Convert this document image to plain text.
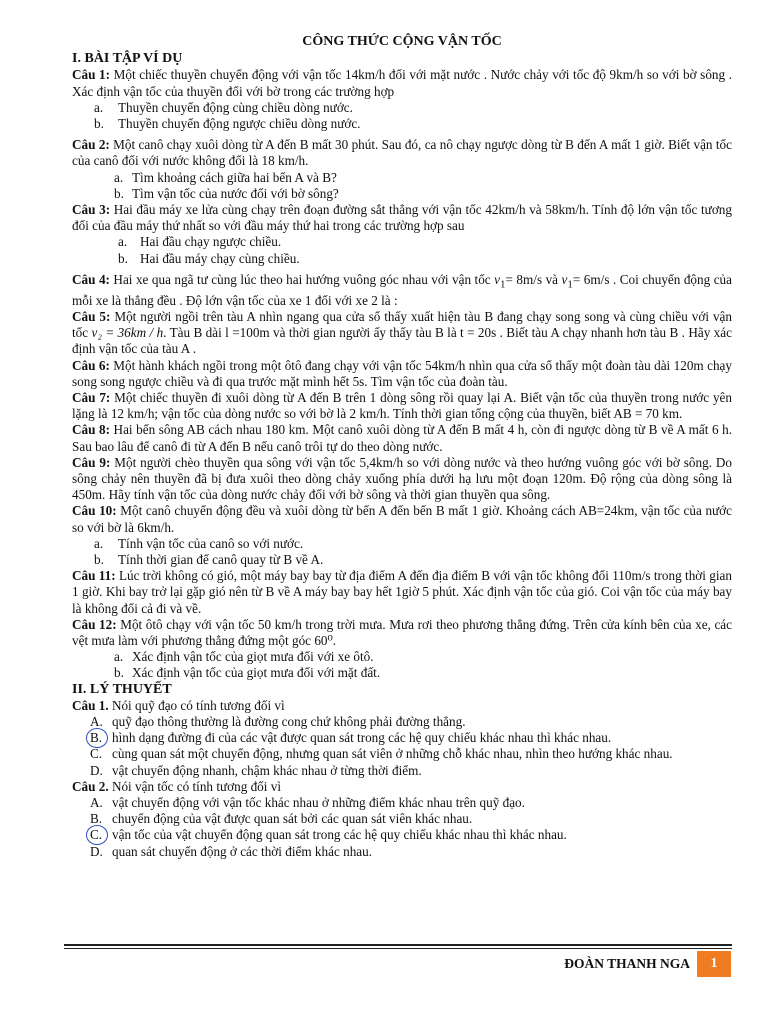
CÔNG THỨC CỘNG VẬN TỐC
I. BÀI TẬP VÍ DỤ

Câu 1: Một chiếc thuyền chuyển động với vận tốc 14km/h đối với mặt nước . Nước chảy với tốc độ 9km/h so với bờ sông . Xác định vận tốc của thuyền đối với bờ trong các trường hợp

a. Thuyền chuyển động cùng chiều dòng nước.
b. Thuyền chuyển động ngược chiều dòng nước.

Câu 2: Một canô chạy xuôi dòng từ A đến B mất 30 phút. Sau đó, ca nô chạy ngược dòng từ B đến A mất 1 giờ. Biết vận tốc của canô đối với nước không đổi là 18 km/h.

a. Tìm khoảng cách giữa hai bến A và B?
b. Tìm vận tốc của nước đối với bờ sông?

Câu 3: Hai đầu máy xe lửa cùng chạy trên đoạn đường sắt thẳng với vận tốc 42km/h và 58km/h. Tính độ lớn vận tốc tương đối của đầu máy thứ nhất so với đầu máy thứ hai trong các trường hợp sau

a. Hai đầu chạy ngược chiều.
b. Hai đầu máy chạy cùng chiều.

Câu 4: Hai xe qua ngã tư cùng lúc theo hai hướng vuông góc nhau với vận tốc $v_1= 8m/s$ và $v_1= 6m/s$ . Coi chuyển động của mỗi xe là thẳng đều . Độ lớn vận tốc của xe 1 đối với xe 2 là :

Câu 5: Một người ngồi trên tàu A nhìn ngang qua cửa sổ thấy xuất hiện tàu B đang chạy song song và cùng chiều với vận tốc v₂ = 36km / h. Tàu B dài l =100m và thời gian người ấy thấy tàu B là t = 20s . Biết tàu A chạy nhanh hơn tàu B . Hãy xác định vận tốc của tàu A .

Câu 6: Một hành khách ngồi trong một ôtô đang chạy với vận tốc 54km/h nhìn qua cửa sổ thấy một đoàn tàu dài 120m chạy song song ngược chiều và đi qua trước mặt mình hết 5s. Tìm vận tốc của đoàn tàu.

Câu 7: Một chiếc thuyền đi xuôi dòng từ A đến B trên 1 dòng sông rồi quay lại A. Biết vận tốc của thuyền trong nước yên lặng là 12 km/h; vận tốc của dòng nước so với bờ là 2 km/h. Tính thời gian tổng cộng của thuyền, biết AB = 70 km.

Câu 8: Hai bến sông AB cách nhau 180 km. Một canô xuôi dòng từ A đến B mất 4 h, còn đi ngược dòng từ B về A mất 6 h. Sau bao lâu để canô đi từ A đến B nếu canô trôi tự do theo dòng nước.

Câu 9: Một người chèo thuyền qua sông với vận tốc 5,4km/h so với dòng nước và theo hướng vuông góc với bờ sông. Do sông chảy nên thuyền đã bị đưa xuôi theo dòng chảy xuống phía dưới hạ lưu một đoạn 120m. Độ rộng của dòng sông là 450m. Hãy tính vận tốc của dòng nước chảy đối với bờ sông và thời gian thuyền qua sông.

Câu 10: Một canô chuyển động đều và xuôi dòng từ bến A đến bến B mất 1 giờ. Khoảng cách AB=24km, vận tốc của nước so với bờ là 6km/h.

a. Tính vận tốc của canô so với nước.
b. Tính thời gian để canô quay từ B về A.

Câu 11: Lúc trời không có gió, một máy bay bay từ địa điểm A đến địa điểm B với vận tốc không đổi 110m/s trong thời gian 1 giờ. Khi bay trở lại gặp gió nên từ B về A máy bay bay hết 1giờ 5 phút. Xác định vận tốc của gió. Coi vận tốc của máy bay là không đổi cả đi và về.

Câu 12: Một ôtô chạy với vận tốc 50 km/h trong trời mưa. Mưa rơi theo phương thẳng đứng. Trên cửa kính bên của xe, các vệt mưa làm với phương thẳng đứng một góc 60⁰.

a. Xác định vận tốc của giọt mưa đối với xe ôtô.
b. Xác định vận tốc của giọt mưa đối với mặt đất.
II. LÝ THUYẾT

Câu 1. Nói quỹ đạo có tính tương đối vì

A. quỹ đạo thông thường là đường cong chứ không phải đường thẳng.
B. hình dạng đường đi của các vật được quan sát trong các hệ quy chiếu khác nhau thì khác nhau.
C. cùng quan sát một chuyển động, nhưng quan sát viên ở những chỗ khác nhau, nhìn theo hướng khác nhau.
D. vật chuyển động nhanh, chậm khác nhau ở từng thời điểm.

Câu 2. Nói vận tốc có tính tương đối vì

A. vật chuyển động với vận tốc khác nhau ở những điểm khác nhau trên quỹ đạo.
B. chuyển động của vật được quan sát bởi các quan sát viên khác nhau.
C. vận tốc của vật chuyển động quan sát trong các hệ quy chiếu khác nhau thì khác nhau.
D. quan sát chuyển động ở các thời điểm khác nhau.
ĐOÀN THANH NGA	1
